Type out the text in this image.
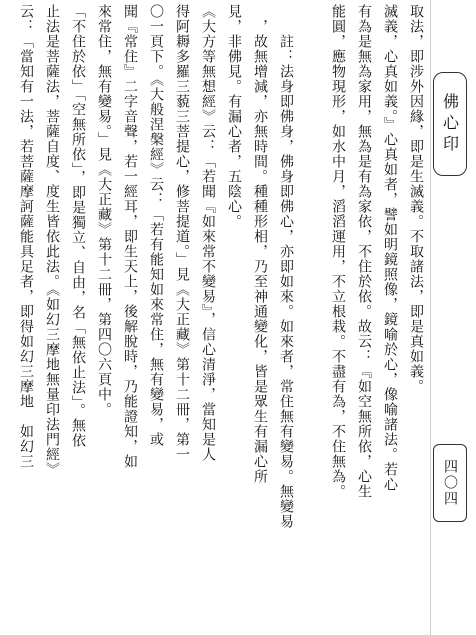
佛心印
四〇四
取法，即涉外因緣，即是生滅義。不取諸法，即是真如義。
滅義，心真如義。』心真如者，譬如明鏡照像，鏡喻於心，像喻諸法。若心
有為是無為家用，無為是有為家依，不住於依。故云：『如空無所依，心生
能圓，應物現形，如水中月，滔滔運用，不立根栽。不盡有為，不住無為。
　　註：法身即佛身，佛身即佛心，亦即如來。如來者，常住無有變易。無變易
　，故無增減，亦無時間。種種形相，乃至神通變化，皆是眾生有漏心所
見，非佛見。有漏心者，五陰心。
《大方等無想經》云：「若聞『如來常不變易』，信心清淨，當知是人
得阿耨多羅三藐三菩提心，修菩提道。」見《大正藏》第十二冊，第一
〇一頁下。《大般涅槃經》云：「若有能知如來常住，無有變易，或
聞『常住』二字音聲，若一經耳，即生天上，後解脫時，乃能證知，如
來常住，無有變易。」見《大正藏》第十二冊，第四〇六頁中。
「不住於依」「空無所依」，即是獨立、自由，名「無依止法」。無依
止法是菩薩法，菩薩自度、度生皆依此法。《如幻三摩地無量印法門經》
云：「當知有一法，若菩薩摩訶薩能具足者，即得如幻三摩地　如幻三
